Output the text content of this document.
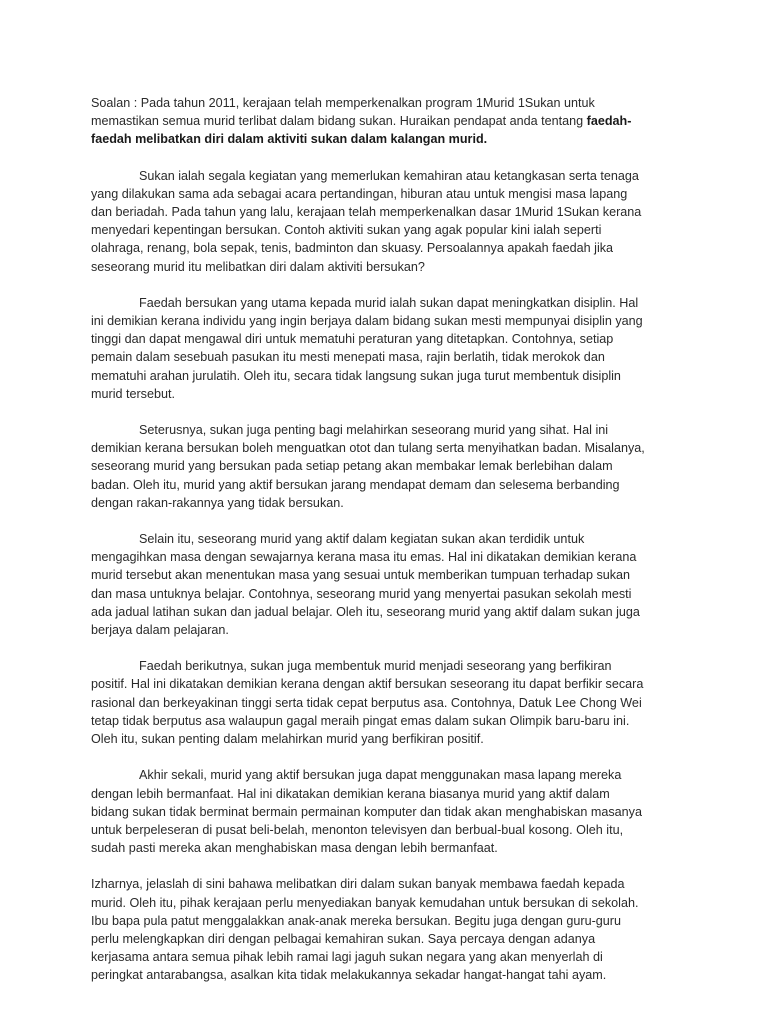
Soalan : Pada tahun 2011, kerajaan telah memperkenalkan program 1Murid 1Sukan untuk memastikan semua murid terlibat dalam bidang sukan. Huraikan pendapat anda tentang faedah-faedah melibatkan diri dalam aktiviti sukan dalam kalangan murid.

Sukan ialah segala kegiatan yang memerlukan kemahiran atau ketangkasan serta tenaga yang dilakukan sama ada sebagai acara pertandingan, hiburan atau untuk mengisi masa lapang dan beriadah. Pada tahun yang lalu, kerajaan telah memperkenalkan dasar 1Murid 1Sukan kerana menyedari kepentingan bersukan. Contoh aktiviti sukan yang agak popular kini ialah seperti olahraga, renang, bola sepak, tenis, badminton dan skuasy. Persoalannya apakah faedah jika seseorang murid itu melibatkan diri dalam aktiviti bersukan?

Faedah bersukan yang utama kepada murid ialah sukan dapat meningkatkan disiplin. Hal ini demikian kerana individu yang ingin berjaya dalam bidang sukan mesti mempunyai disiplin yang tinggi dan dapat mengawal diri untuk mematuhi peraturan yang ditetapkan. Contohnya, setiap pemain dalam sesebuah pasukan itu mesti menepati masa, rajin berlatih, tidak merokok dan mematuhi arahan jurulatih. Oleh itu, secara tidak langsung sukan juga turut membentuk disiplin murid tersebut.

Seterusnya, sukan juga penting bagi melahirkan seseorang murid yang sihat. Hal ini demikian kerana bersukan boleh menguatkan otot dan tulang serta menyihatkan badan. Misalanya, seseorang murid yang bersukan pada setiap petang akan membakar lemak berlebihan dalam badan. Oleh itu, murid yang aktif bersukan jarang mendapat demam dan selesema berbanding dengan rakan-rakannya yang tidak bersukan.

Selain itu, seseorang murid yang aktif dalam kegiatan sukan akan terdidik untuk mengagihkan masa dengan sewajarnya kerana masa itu emas. Hal ini dikatakan demikian kerana murid tersebut akan menentukan masa yang sesuai untuk memberikan tumpuan terhadap sukan dan masa untuknya belajar. Contohnya, seseorang murid yang menyertai pasukan sekolah mesti ada jadual latihan sukan dan jadual belajar. Oleh itu, seseorang murid yang aktif dalam sukan juga berjaya dalam pelajaran.

Faedah berikutnya, sukan juga membentuk murid menjadi seseorang yang berfikiran positif. Hal ini dikatakan demikian kerana dengan aktif bersukan seseorang itu dapat berfikir secara rasional dan berkeyakinan tinggi serta tidak cepat berputus asa. Contohnya, Datuk Lee Chong Wei tetap tidak berputus asa walaupun gagal meraih pingat emas dalam sukan Olimpik baru-baru ini. Oleh itu, sukan penting dalam melahirkan murid yang berfikiran positif.

Akhir sekali, murid yang aktif bersukan juga dapat menggunakan masa lapang mereka dengan lebih bermanfaat. Hal ini dikatakan demikian kerana biasanya murid yang aktif dalam bidang sukan tidak berminat bermain permainan komputer dan tidak akan menghabiskan masanya untuk berpeleseran di pusat beli-belah, menonton televisyen dan berbual-bual kosong. Oleh itu, sudah pasti mereka akan menghabiskan masa dengan lebih bermanfaat.

Izharnya, jelaslah di sini bahawa melibatkan diri dalam sukan banyak membawa faedah kepada murid. Oleh itu, pihak kerajaan perlu menyediakan banyak kemudahan untuk bersukan di sekolah. Ibu bapa pula patut menggalakkan anak-anak mereka bersukan. Begitu juga dengan guru-guru perlu melengkapkan diri dengan pelbagai kemahiran sukan. Saya percaya dengan adanya kerjasama antara semua pihak lebih ramai lagi jaguh sukan negara yang akan menyerlah di peringkat antarabangsa, asalkan kita tidak melakukannya sekadar hangat-hangat tahi ayam.
